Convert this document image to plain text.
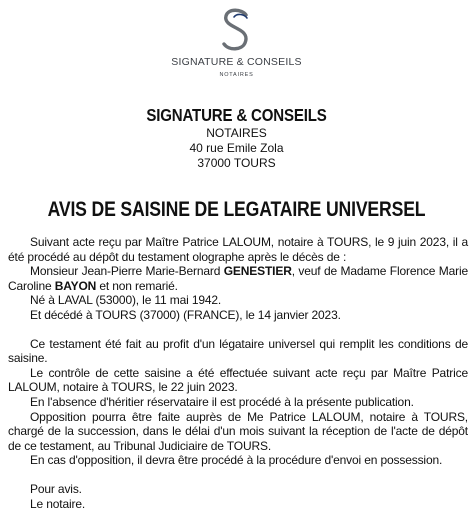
SIGNATURE & CONSEILS
NOTAIRES
SIGNATURE & CONSEILS
NOTAIRES
40 rue Emile Zola
37000 TOURS
AVIS DE SAISINE DE LEGATAIRE UNIVERSEL

Suivant acte reçu par Maître Patrice LALOUM, notaire à TOURS, le 9 juin 2023, il a été procédé au dépôt du testament olographe après le décès de :

Monsieur Jean-Pierre Marie-Bernard GENESTIER, veuf de Madame Florence Marie Caroline BAYON et non remarié.

Né à LAVAL (53000), le 11 mai 1942.

Et décédé à TOURS (37000) (FRANCE), le 14 janvier 2023.

Ce testament été fait au profit d'un légataire universel qui remplit les conditions de saisine.

Le contrôle de cette saisine a été effectuée suivant acte reçu par Maître Patrice LALOUM, notaire à TOURS, le 22 juin 2023.

En l'absence d'héritier réservataire il est procédé à la présente publication.

Opposition pourra être faite auprès de Me Patrice LALOUM, notaire à TOURS, chargé de la succession, dans le délai d'un mois suivant la réception de l'acte de dépôt de ce testament, au Tribunal Judiciaire de TOURS.

En cas d'opposition, il devra être procédé à la procédure d'envoi en possession.

Pour avis.

Le notaire.
